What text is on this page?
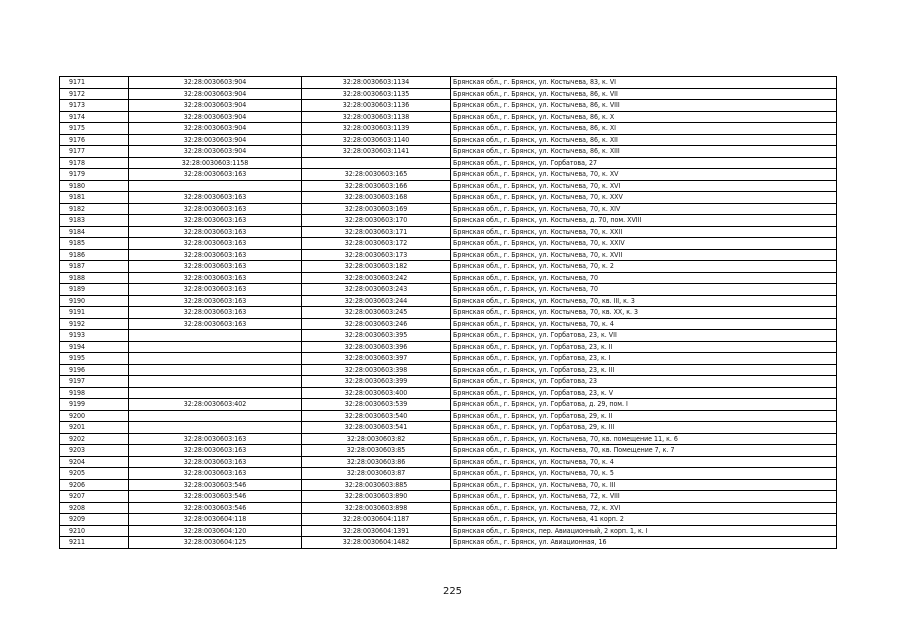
9171	32:28:0030603:904	32:28:0030603:1134	Брянская обл., г. Брянск, ул. Костычева, 83, к. VI
9172	32:28:0030603:904	32:28:0030603:1135	Брянская обл., г. Брянск, ул. Костычева, 86, к. VII
9173	32:28:0030603:904	32:28:0030603:1136	Брянская обл., г. Брянск, ул. Костычева, 86, к. VIII
9174	32:28:0030603:904	32:28:0030603:1138	Брянская обл., г. Брянск, ул. Костычева, 86, к. X
9175	32:28:0030603:904	32:28:0030603:1139	Брянская обл., г. Брянск, ул. Костычева, 86, к. XI
9176	32:28:0030603:904	32:28:0030603:1140	Брянская обл., г. Брянск, ул. Костычева, 86, к. XII
9177	32:28:0030603:904	32:28:0030603:1141	Брянская обл., г. Брянск, ул. Костычева, 86, к. XIII
9178	32:28:0030603:1158		Брянская обл., г. Брянск, ул. Горбатова, 27
9179	32:28:0030603:163	32:28:0030603:165	Брянская обл., г. Брянск, ул. Костычева, 70, к. XV
9180		32:28:0030603:166	Брянская обл., г. Брянск, ул. Костычева, 70, к. XVI
9181	32:28:0030603:163	32:28:0030603:168	Брянская обл., г. Брянск, ул. Костычева, 70, к. XXV
9182	32:28:0030603:163	32:28:0030603:169	Брянская обл., г. Брянск, ул. Костычева, 70, к. XIV
9183	32:28:0030603:163	32:28:0030603:170	Брянская обл., г. Брянск, ул. Костычева, д. 70, пом. XVIII
9184	32:28:0030603:163	32:28:0030603:171	Брянская обл., г. Брянск, ул. Костычева, 70, к. XXII
9185	32:28:0030603:163	32:28:0030603:172	Брянская обл., г. Брянск, ул. Костычева, 70, к. XXIV
9186	32:28:0030603:163	32:28:0030603:173	Брянская обл., г. Брянск, ул. Костычева, 70, к. XVII
9187	32:28:0030603:163	32:28:0030603:182	Брянская обл., г. Брянск, ул. Костычева, 70, к. 2
9188	32:28:0030603:163	32:28:0030603:242	Брянская обл., г. Брянск, ул. Костычева, 70
9189	32:28:0030603:163	32:28:0030603:243	Брянская обл., г. Брянск, ул. Костычева, 70
9190	32:28:0030603:163	32:28:0030603:244	Брянская обл., г. Брянск, ул. Костычева, 70, кв. III, к. 3
9191	32:28:0030603:163	32:28:0030603:245	Брянская обл., г. Брянск, ул. Костычева, 70, кв. XX, к. 3
9192	32:28:0030603:163	32:28:0030603:246	Брянская обл., г. Брянск, ул. Костычева, 70, к. 4
9193		32:28:0030603:395	Брянская обл., г. Брянск, ул. Горбатова, 23, к. VII
9194		32:28:0030603:396	Брянская обл., г. Брянск, ул. Горбатова, 23, к. II
9195		32:28:0030603:397	Брянская обл., г. Брянск, ул. Горбатова, 23, к. I
9196		32:28:0030603:398	Брянская обл., г. Брянск, ул. Горбатова, 23, к. III
9197		32:28:0030603:399	Брянская обл., г. Брянск, ул. Горбатова, 23
9198		32:28:0030603:400	Брянская обл., г. Брянск, ул. Горбатова, 23, к. V
9199	32:28:0030603:402	32:28:0030603:539	Брянская обл., г. Брянск, ул. Горбатова, д. 29, пом. I
9200		32:28:0030603:540	Брянская обл., г. Брянск, ул. Горбатова, 29, к. II
9201		32:28:0030603:541	Брянская обл., г. Брянск, ул. Горбатова, 29, к. III
9202	32:28:0030603:163	32:28:0030603:82	Брянская обл., г. Брянск, ул. Костычева, 70, кв. помещение 11, к. 6
9203	32:28:0030603:163	32:28:0030603:85	Брянская обл., г. Брянск, ул. Костычева, 70, кв. Помещение 7, к. 7
9204	32:28:0030603:163	32:28:0030603:86	Брянская обл., г. Брянск, ул. Костычева, 70, к. 4
9205	32:28:0030603:163	32:28:0030603:87	Брянская обл., г. Брянск, ул. Костычева, 70, к. 5
9206	32:28:0030603:546	32:28:0030603:885	Брянская обл., г. Брянск, ул. Костычева, 70, к. III
9207	32:28:0030603:546	32:28:0030603:890	Брянская обл., г. Брянск, ул. Костычева, 72, к. VIII
9208	32:28:0030603:546	32:28:0030603:898	Брянская обл., г. Брянск, ул. Костычева, 72, к. XVI
9209	32:28:0030604:118	32:28:0030604:1187	Брянская обл., г. Брянск, ул. Костычева, 41 корп. 2
9210	32:28:0030604:120	32:28:0030604:1391	Брянская обл., г. Брянск, пер. Авиационный, 2 корп. 1, к. I
9211	32:28:0030604:125	32:28:0030604:1482	Брянская обл., г. Брянск, ул. Авиационная, 16
225
